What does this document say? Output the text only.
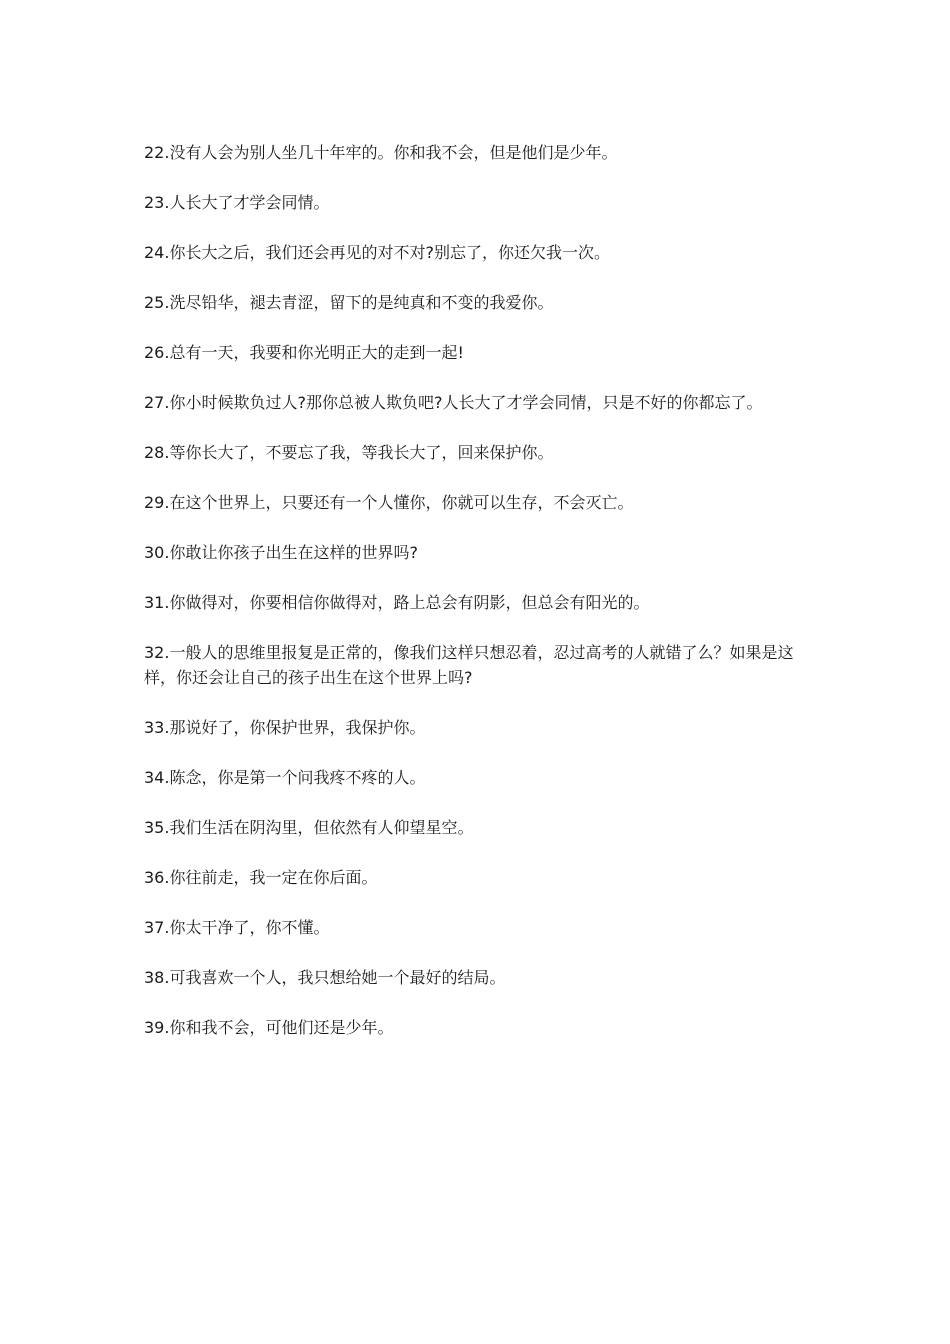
22.没有人会为别人坐几十年牢的。你和我不会，但是他们是少年。
23.人长大了才学会同情。
24.你长大之后，我们还会再见的对不对?别忘了，你还欠我一次。
25.洗尽铅华，褪去青涩，留下的是纯真和不变的我爱你。
26.总有一天，我要和你光明正大的走到一起!
27.你小时候欺负过人?那你总被人欺负吧?人长大了才学会同情，只是不好的你都忘了。
28.等你长大了，不要忘了我，等我长大了，回来保护你。
29.在这个世界上，只要还有一个人懂你，你就可以生存，不会灭亡。
30.你敢让你孩子出生在这样的世界吗?
31.你做得对，你要相信你做得对，路上总会有阴影，但总会有阳光的。
32.一般人的思维里报复是正常的，像我们这样只想忍着，忍过高考的人就错了么？如果是这样，你还会让自己的孩子出生在这个世界上吗?
33.那说好了，你保护世界，我保护你。
34.陈念，你是第一个问我疼不疼的人。
35.我们生活在阴沟里，但依然有人仰望星空。
36.你往前走，我一定在你后面。
37.你太干净了，你不懂。
38.可我喜欢一个人，我只想给她一个最好的结局。
39.你和我不会，可他们还是少年。
